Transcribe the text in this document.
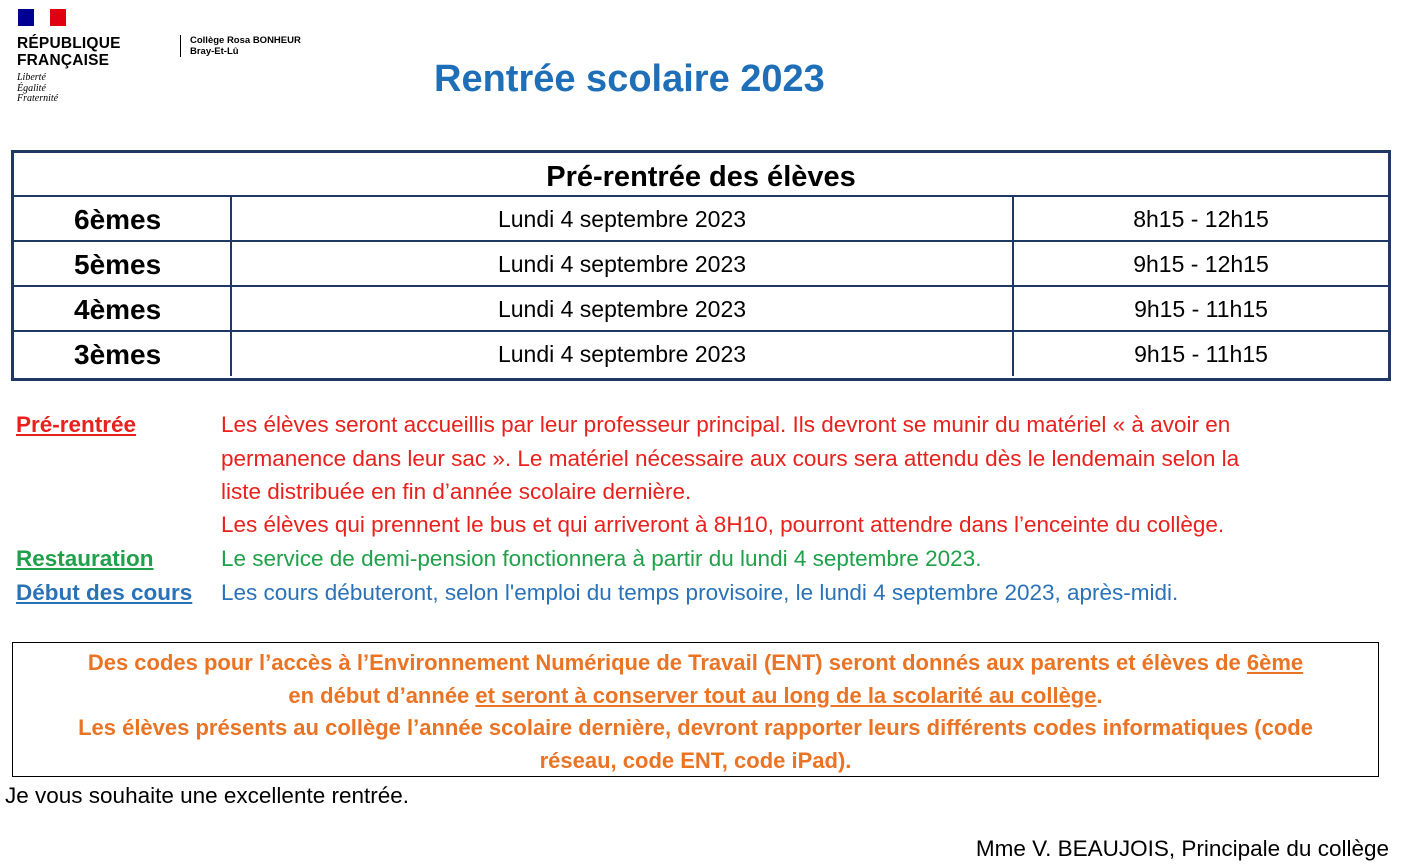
RÉPUBLIQUE
FRANÇAISE
Liberté
Égalité
Fraternité
Collège Rosa BONHEUR
Bray-Et-Lû
Rentrée scolaire 2023
Pré-rentrée des élèves
6èmes	Lundi 4 septembre 2023	8h15 - 12h15
5èmes	Lundi 4 septembre 2023	9h15 - 12h15
4èmes	Lundi 4 septembre 2023	9h15 - 11h15
3èmes	Lundi 4 septembre 2023	9h15 - 11h15
Pré-rentrée	Les élèves seront accueillis par leur professeur principal. Ils devront se munir du matériel « à avoir en
permanence dans leur sac ». Le matériel nécessaire aux cours sera attendu dès le lendemain selon la
liste distribuée en fin d’année scolaire dernière.
Les élèves qui prennent le bus et qui arriveront à 8H10, pourront attendre dans l’enceinte du collège.
Restauration	Le service de demi-pension fonctionnera à partir du lundi 4 septembre 2023.
Début des cours Les cours débuteront, selon l'emploi du temps provisoire, le lundi 4 septembre 2023, après-midi.
Des codes pour l’accès à l’Environnement Numérique de Travail (ENT) seront donnés aux parents et élèves de 6ème
en début d’année et seront à conserver tout au long de la scolarité au collège.
Les élèves présents au collège l’année scolaire dernière, devront rapporter leurs différents codes informatiques (code
réseau, code ENT, code iPad).
Je vous souhaite une excellente rentrée.
Mme V. BEAUJOIS, Principale du collège
